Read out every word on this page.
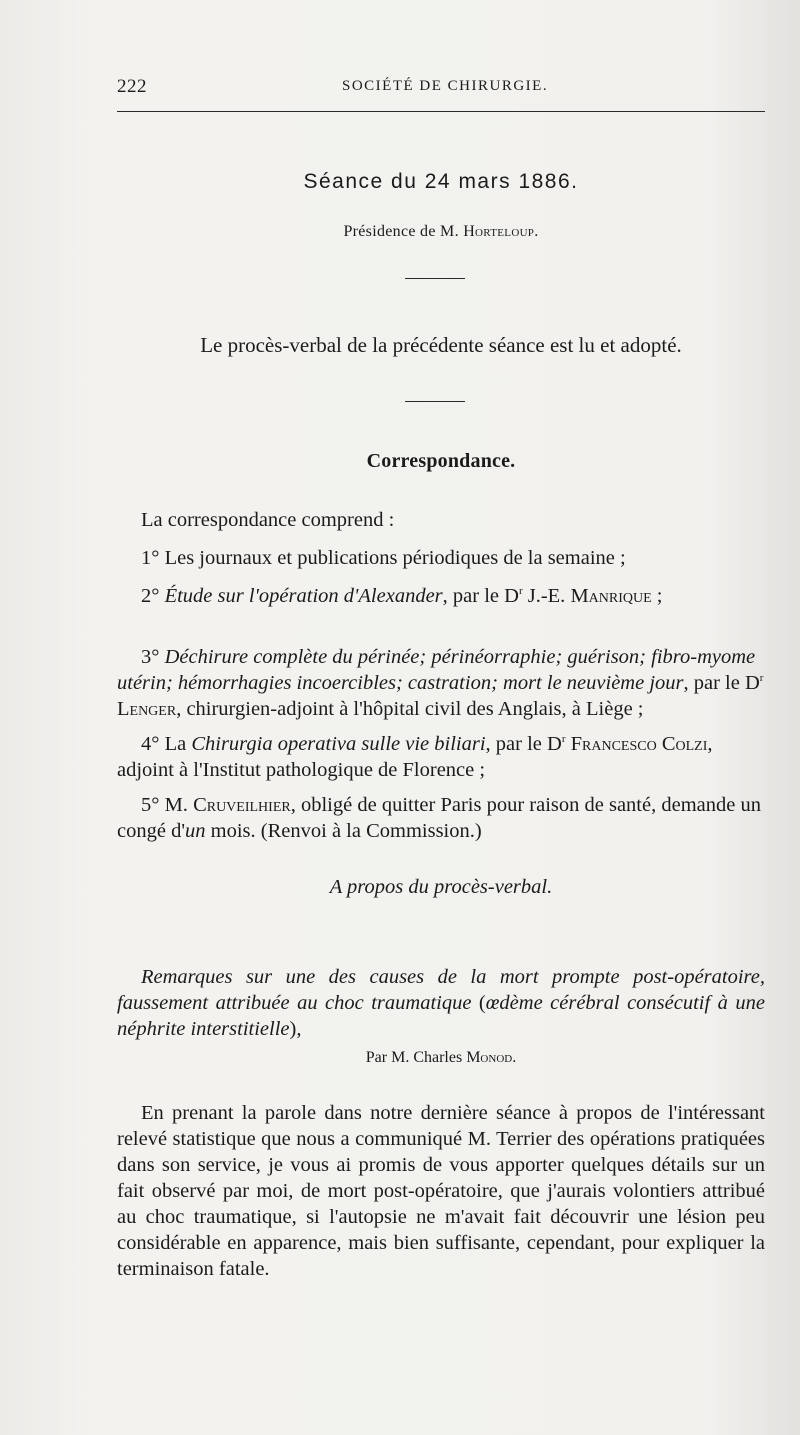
222	SOCIÉTÉ DE CHIRURGIE.
Séance du 24 mars 1886.
Présidence de M. Horteloup.
Le procès-verbal de la précédente séance est lu et adopté.
Correspondance.
La correspondance comprend :
1° Les journaux et publications périodiques de la semaine ;
2° Étude sur l'opération d'Alexander, par le $D^r$ J.-E. Manrique ;
3° Déchirure complète du périnée; périnéorraphie; guérison; fibro-myome utérin; hémorrhagies incoercibles; castration; mort le neuvième jour, par le $D^r$ Lenger, chirurgien-adjoint à l'hôpital civil des Anglais, à Liège ;
4° La Chirurgia operativa sulle vie biliari, par le $D^r$ Francesco Colzi, adjoint à l'Institut pathologique de Florence ;
5° M. Cruveilhier, obligé de quitter Paris pour raison de santé, demande un congé d'un mois. (Renvoi à la Commission.)
A propos du procès-verbal.
Remarques sur une des causes de la mort prompte post-opératoire, faussement attribuée au choc traumatique (œdème cérébral consécutif à une néphrite interstitielle),
Par M. Charles Monod.
En prenant la parole dans notre dernière séance à propos de l'intéressant relevé statistique que nous a communiqué M. Terrier des opérations pratiquées dans son service, je vous ai promis de vous apporter quelques détails sur un fait observé par moi, de mort post-opératoire, que j'aurais volontiers attribué au choc traumatique, si l'autopsie ne m'avait fait découvrir une lésion peu considérable en apparence, mais bien suffisante, cependant, pour expliquer la terminaison fatale.
